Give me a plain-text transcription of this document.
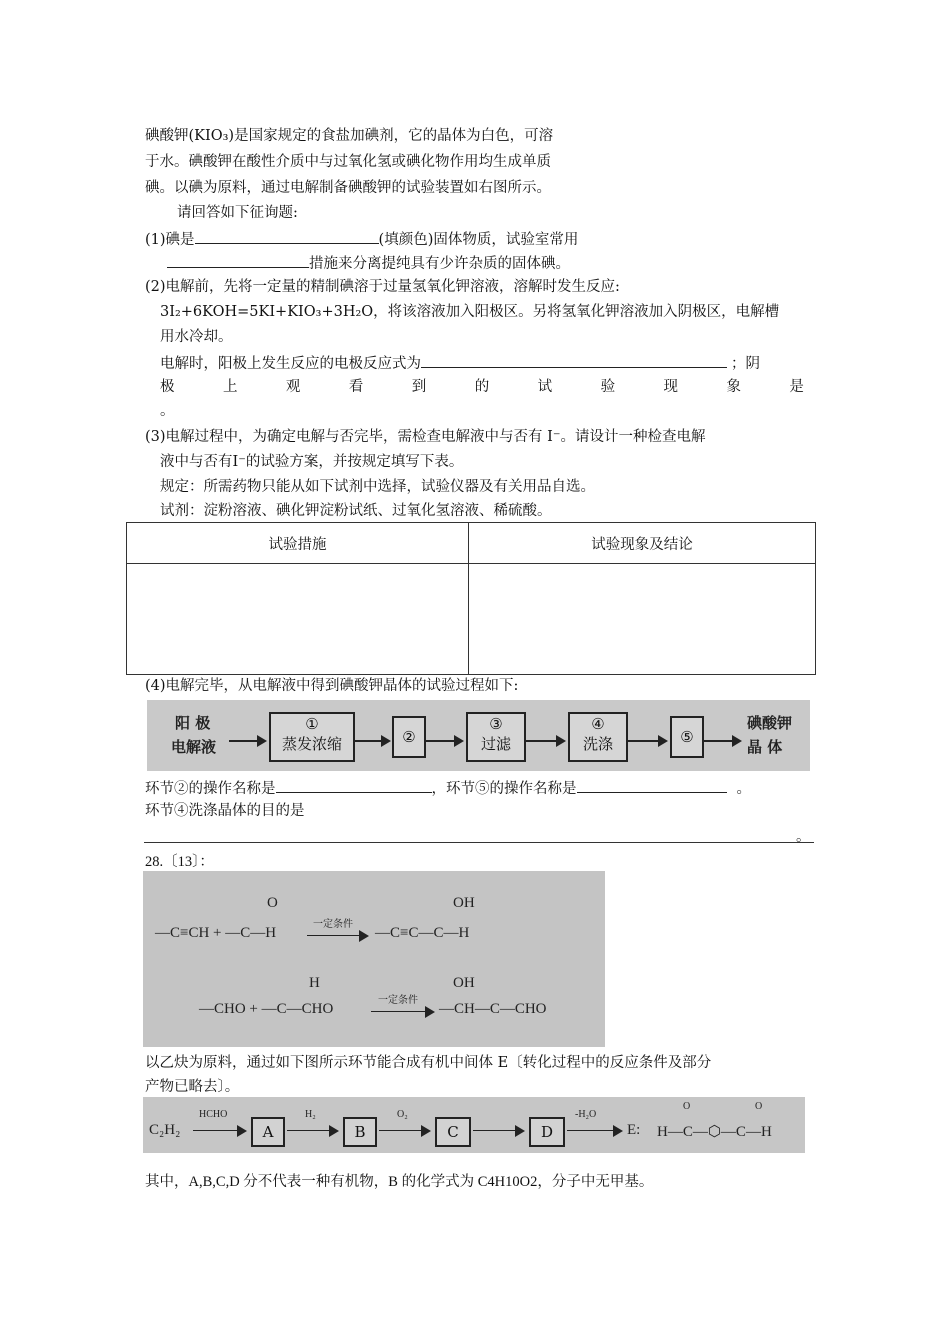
碘酸钾(KIO₃)是国家规定的食盐加碘剂，它的晶体为白色，可溶
于水。碘酸钾在酸性介质中与过氧化氢或碘化物作用均生成单质
碘。以碘为原料，通过电解制备碘酸钾的试验装置如右图所示。
请回答如下征询题:
(1)碘是	(填颜色)固体物质，试验室常用
措施来分离提纯具有少许杂质的固体碘。
(2)电解前，先将一定量的精制碘溶于过量氢氧化钾溶液，溶解时发生反应:
3I₂+6KOH=5KI+KIO₃+3H₂O，将该溶液加入阳极区。另将氢氧化钾溶液加入阴极区，电解槽
用水冷却。
电解时，阳极上发生反应的电极反应式为	；阴
极	上	观	看	到	的	试	验	现	象	是
。
(3)电解过程中，为确定电解与否完毕，需检查电解液中与否有 I⁻。请设计一种检查电解
液中与否有I⁻的试验方案，并按规定填写下表。
规定：所需药物只能从如下试剂中选择，试验仪器及有关用品自选。
试剂：淀粉溶液、碘化钾淀粉试纸、过氧化氢溶液、稀硫酸。
试验措施	试验现象及结论

(4)电解完毕，从电解液中得到碘酸钾晶体的试验过程如下:
阳 极
电解液
①
蒸发浓缩	②
③
过滤
④
洗涤	⑤
碘酸钾
晶 体
环节②的操作名称是	，环节⑤的操作名称是	。
环节④洗涤晶体的目的是
。
28.〔13〕：
OH
O
—C≡CH + —C—H
一定条件
—C≡C—C—H
H	OH
—CHO + —C—CHO
一定条件
—CH—C—CHO
以乙炔为原料，通过如下图所示环节能合成有机中间体 E〔转化过程中的反应条件及部分
产物已略去〕。
C₂H₂
HCHO
A
H₂
B
O₂
C	D
-H₂O
E: H—C—⬡—C—H
O	O
其中，A,B,C,D 分不代表一种有机物，B 的化学式为 C4H10O2，分子中无甲基。
